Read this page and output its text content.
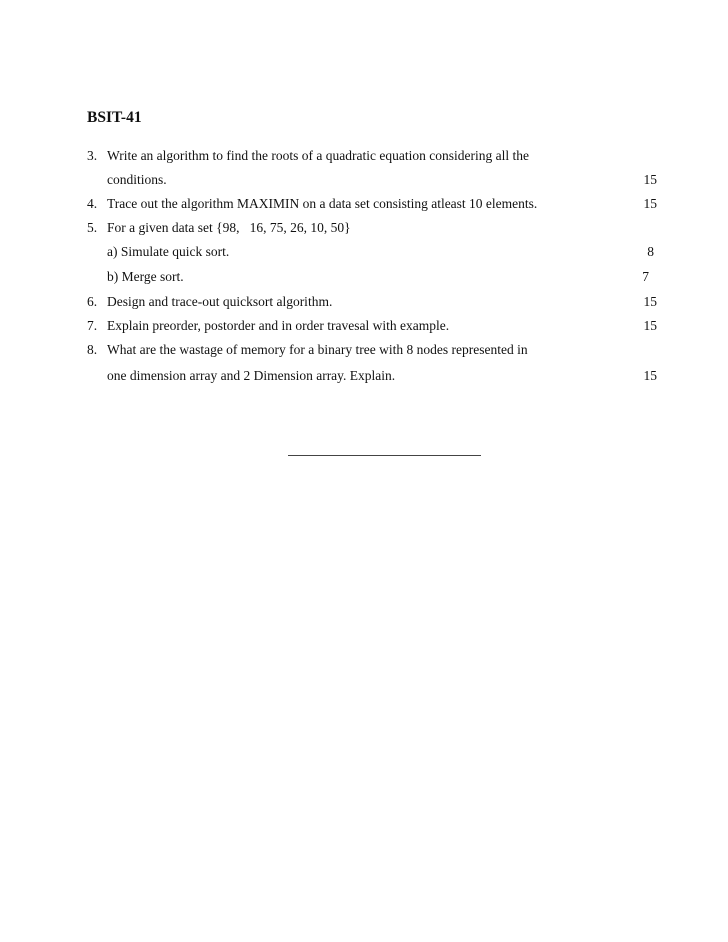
BSIT-41
3. Write an algorithm to find the roots of a quadratic equation considering all the
conditions.	15
4. Trace out the algorithm MAXIMIN on a data set consisting atleast 10 elements.	15
5. For a given data set {98,   16, 75, 26, 10, 50}
a) Simulate quick sort.	8
b) Merge sort.	7
6. Design and trace-out quicksort algorithm.	15
7. Explain preorder, postorder and in order travesal with example.	15
8. What are the wastage of memory for a binary tree with 8 nodes represented in
one dimension array and 2 Dimension array. Explain.	15
